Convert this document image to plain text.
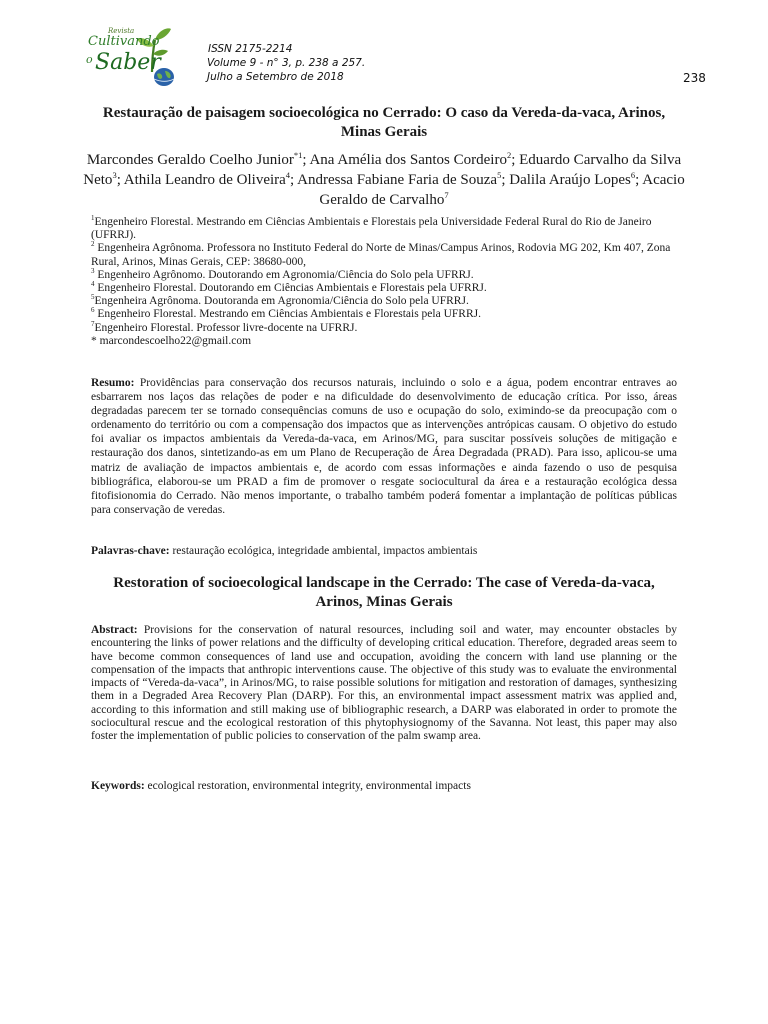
Revista
Cultivando
o Saber
ISSN 2175-2214
Volume 9 - n° 3, p. 238 a 257.
Julho a Setembro de 2018	238
Restauração de paisagem socioecológica no Cerrado: O caso da Vereda-da-vaca, Arinos,
Minas Gerais
Marcondes Geraldo Coelho Junior$^{*1}$; Ana Amélia dos Santos Cordeiro$^2$; Eduardo Carvalho da Silva Neto$^3$; Athila Leandro de Oliveira$^4$; Andressa Fabiane Faria de Souza$^5$; Dalila Araújo Lopes$^6$; Acacio Geraldo de Carvalho$^7$
$^1$Engenheiro Florestal. Mestrando em Ciências Ambientais e Florestais pela Universidade Federal Rural do Rio de Janeiro (UFRRJ).
$^2$ Engenheira Agrônoma. Professora no Instituto Federal do Norte de Minas/Campus Arinos, Rodovia MG 202, Km 407, Zona Rural, Arinos, Minas Gerais, CEP: 38680-000,
$^3$ Engenheiro Agrônomo. Doutorando em Agronomia/Ciência do Solo pela UFRRJ.
$^4$ Engenheiro Florestal. Doutorando em Ciências Ambientais e Florestais pela UFRRJ.
$^5$Engenheira Agrônoma. Doutoranda em Agronomia/Ciência do Solo pela UFRRJ.
$^6$ Engenheiro Florestal. Mestrando em Ciências Ambientais e Florestais pela UFRRJ.
$^7$Engenheiro Florestal. Professor livre-docente na UFRRJ.
* marcondescoelho22@gmail.com
Resumo: Providências para conservação dos recursos naturais, incluindo o solo e a água, podem encontrar entraves ao esbarrarem nos laços das relações de poder e na dificuldade do desenvolvimento de educação crítica. Por isso, áreas degradadas parecem ter se tornado consequências comuns de uso e ocupação do solo, eximindo-se da preocupação com o ordenamento do território ou com a compensação dos impactos que as intervenções antrópicas causam. O objetivo do estudo foi avaliar os impactos ambientais da Vereda-da-vaca, em Arinos/MG, para suscitar possíveis soluções de mitigação e restauração dos danos, sintetizando-as em um Plano de Recuperação de Área Degradada (PRAD). Para isso, aplicou-se uma matriz de avaliação de impactos ambientais e, de acordo com essas informações e ainda fazendo o uso de pesquisa bibliográfica, elaborou-se um PRAD a fim de promover o resgate sociocultural da área e a restauração ecológica dessa fitofisionomia do Cerrado. Não menos importante, o trabalho também poderá fomentar a implantação de políticas públicas para conservação de veredas.
Palavras-chave: restauração ecológica, integridade ambiental, impactos ambientais
Restoration of socioecological landscape in the Cerrado: The case of Vereda-da-vaca,
Arinos, Minas Gerais
Abstract: Provisions for the conservation of natural resources, including soil and water, may encounter obstacles by encountering the links of power relations and the difficulty of developing critical education. Therefore, degraded areas seem to have become common consequences of land use and occupation, avoiding the concern with land use planning or the compensation of the impacts that anthropic interventions cause. The objective of this study was to evaluate the environmental impacts of “Vereda-da-vaca”, in Arinos/MG, to raise possible solutions for mitigation and restoration of damages, synthesizing them in a Degraded Area Recovery Plan (DARP). For this, an environmental impact assessment matrix was applied and, according to this information and still making use of bibliographic research, a DARP was elaborated in order to promote the sociocultural rescue and the ecological restoration of this phytophysiognomy of the Savanna. Not least, this paper may also foster the implementation of public policies to conservation of the palm swamp area.
Keywords: ecological restoration, environmental integrity, environmental impacts
